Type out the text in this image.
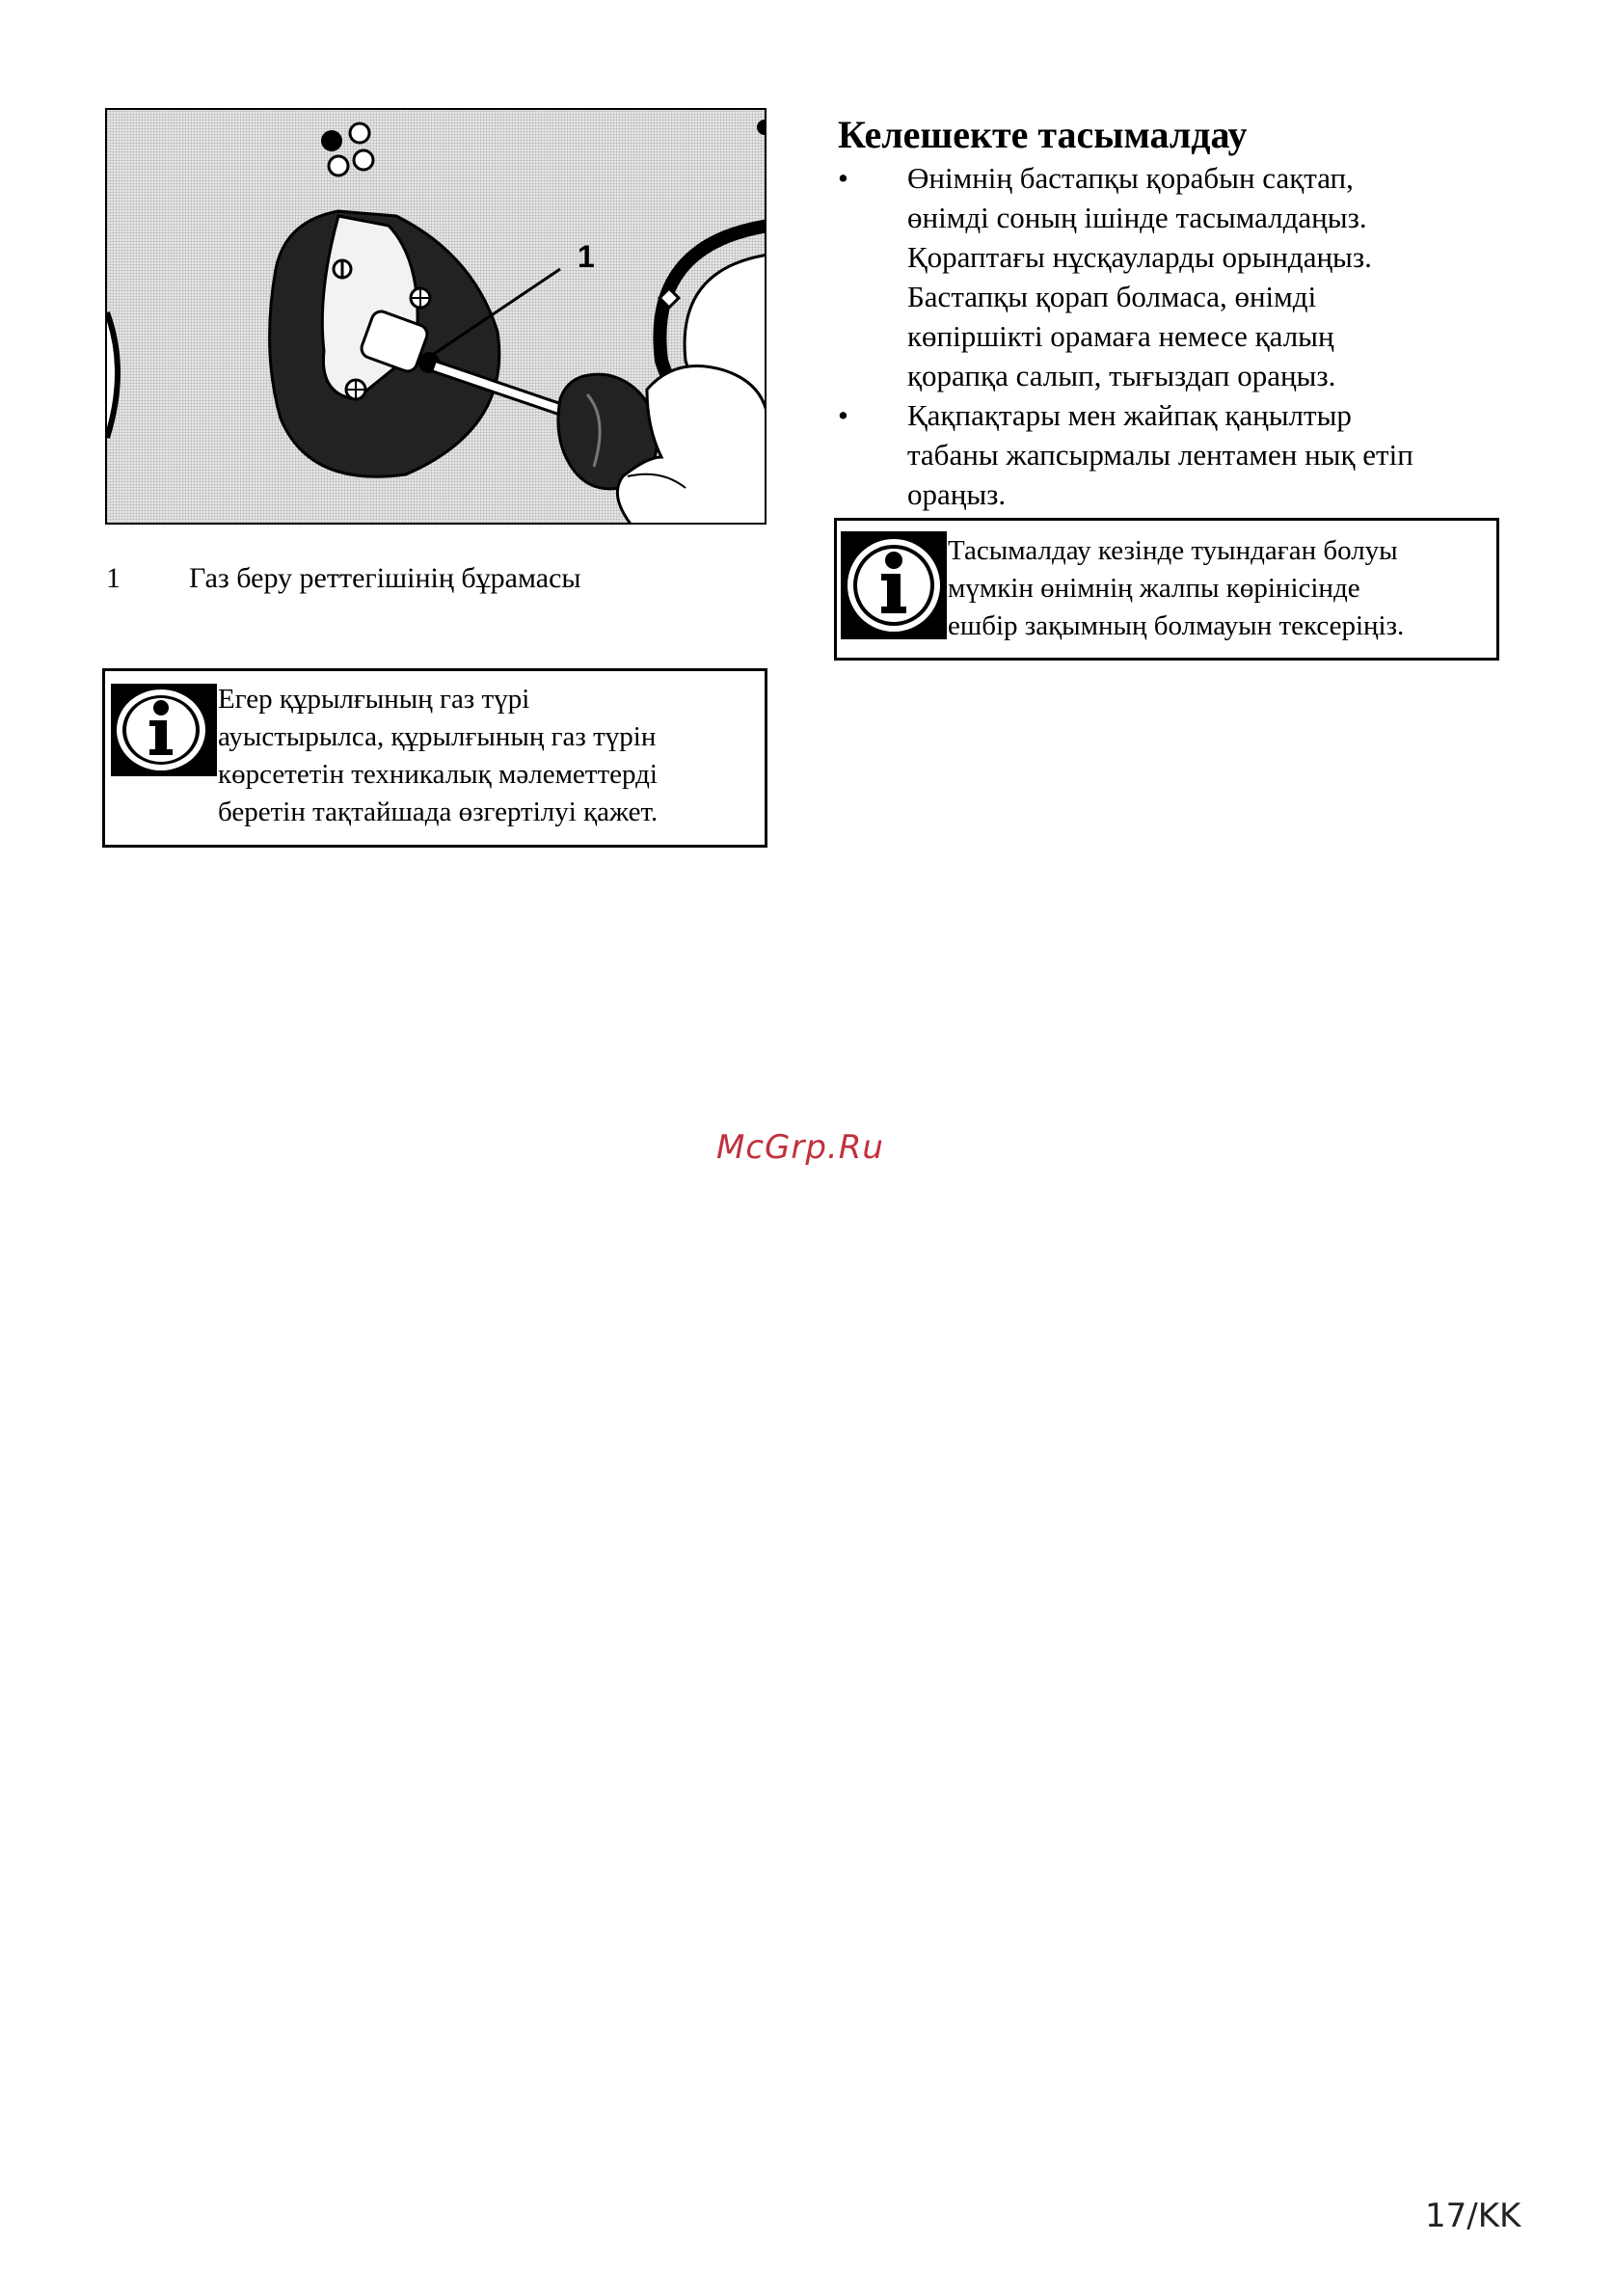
1
1	Газ беру реттегішінің бұрамасы
Егер құрылғының газ түрі
ауыстырылса, құрылғының газ түрін
көрсететін техникалық мәлеметтерді
беретін тақтайшада өзгертілуі қажет.
Келешекте тасымалдау
•	Өнімнің бастапқы қорабын сақтап,
өнімді соның ішінде тасымалдаңыз.
Қораптағы нұсқауларды орындаңыз.
Бастапқы қорап болмаса, өнімді
көпіршікті орамаға немесе қалың
қорапқа салып, тығыздап ораңыз.
•	Қақпақтары мен жайпақ қаңылтыр
табаны жапсырмалы лентамен нық етіп
ораңыз.
Тасымалдау кезінде туындаған болуы
мүмкін өнімнің жалпы көрінісінде
ешбір зақымның болмауын тексеріңіз.
McGrp.Ru
17/KK
